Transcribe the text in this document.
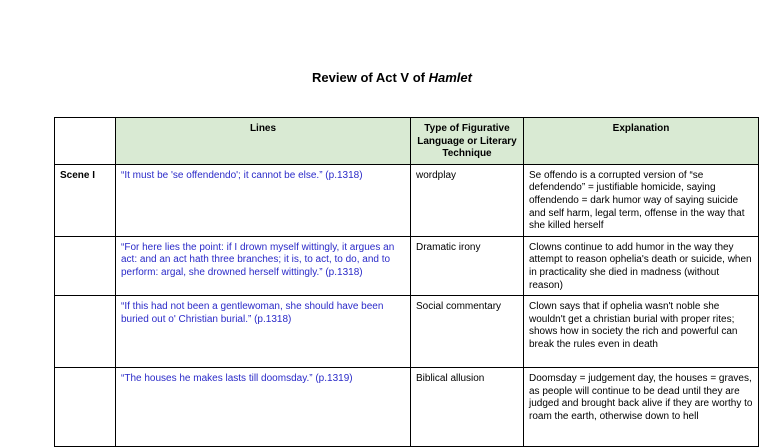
Review of Act V of Hamlet
	Lines	Type of Figurative Language or Literary Technique	Explanation
Scene I	“It must be 'se offendendo'; it cannot be else.” (p.1318)	wordplay	Se offendo is a corrupted version of “se defendendo” = justifiable homicide, saying offendendo = dark humor way of saying suicide and self harm, legal term, offense in the way that she killed herself
	“For here lies the point: if I drown myself wittingly, it argues an act: and an act hath three branches; it is, to act, to do, and to perform: argal, she drowned herself wittingly.” (p.1318)	Dramatic irony	Clowns continue to add humor in the way they attempt to reason ophelia's death or suicide, when in practicality she died in madness (without reason)
	“If this had not been a gentlewoman, she should have been buried out o' Christian burial.” (p.1318)	Social commentary	Clown says that if ophelia wasn't noble she wouldn't get a christian burial with proper rites; shows how in society the rich and powerful can break the rules even in death
	“The houses he makes lasts till doomsday.” (p.1319)	Biblical allusion	Doomsday = judgement day, the houses = graves, as people will continue to be dead until they are judged and brought back alive if they are worthy to roam the earth, otherwise down to hell
